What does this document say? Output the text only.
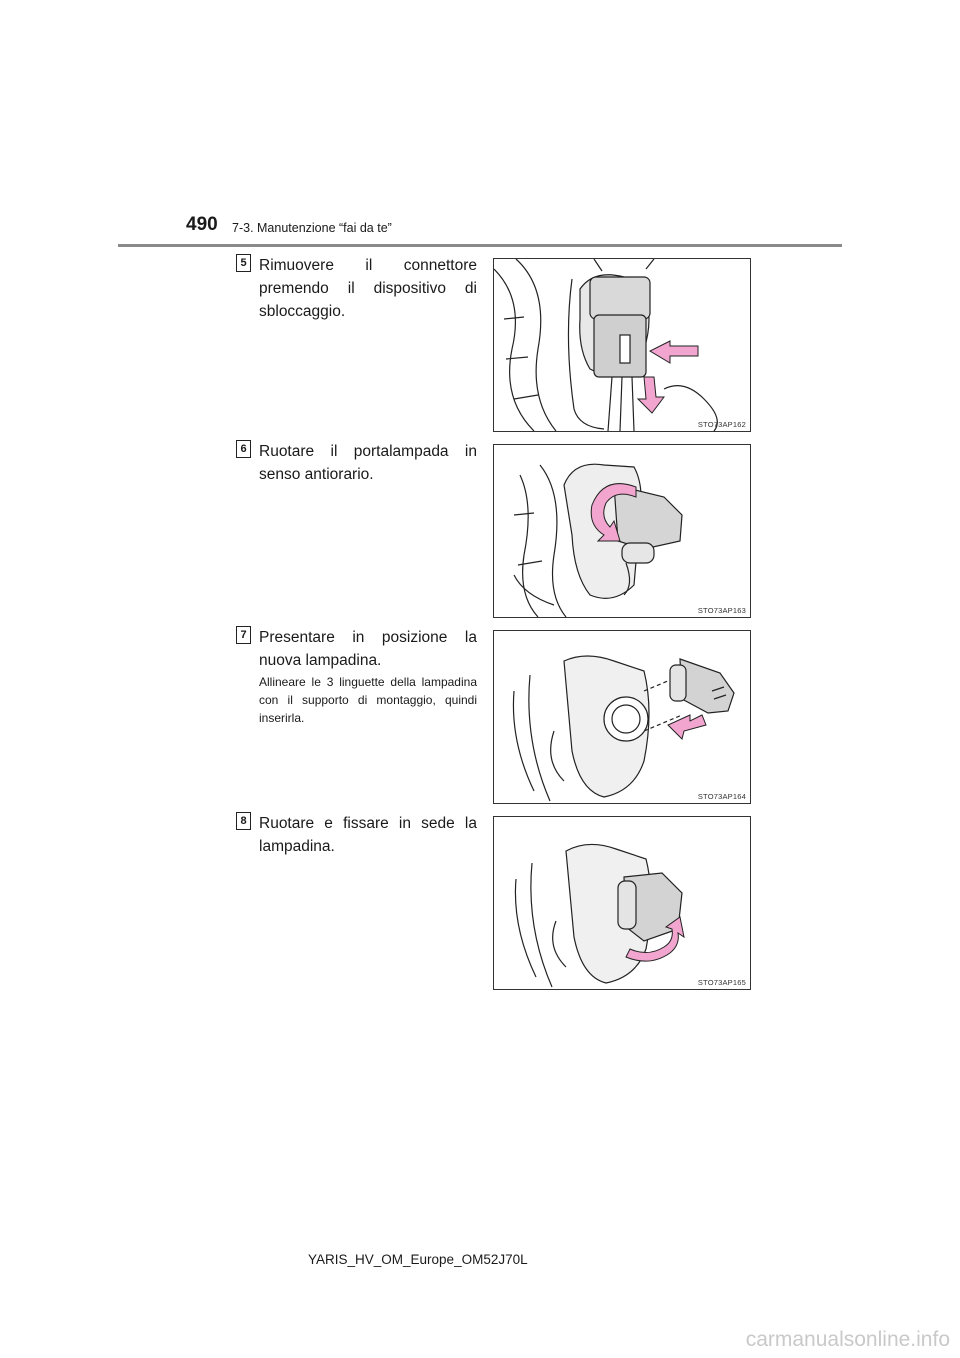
490 7-3. Manutenzione “fai da te”
5 Rimuovere il connettore premendo il dispositivo di sbloccaggio.

STO73AP162
6 Ruotare il portalampada in senso antiorario.

STO73AP163
7 Presentare in posizione la nuova lampadina.

Allineare le 3 linguette della lampadina con il supporto di montaggio, quindi inserirla.

STO73AP164
8 Ruotare e fissare in sede la lampadina.

STO73AP165
YARIS_HV_OM_Europe_OM52J70L
carmanualsonline.info
